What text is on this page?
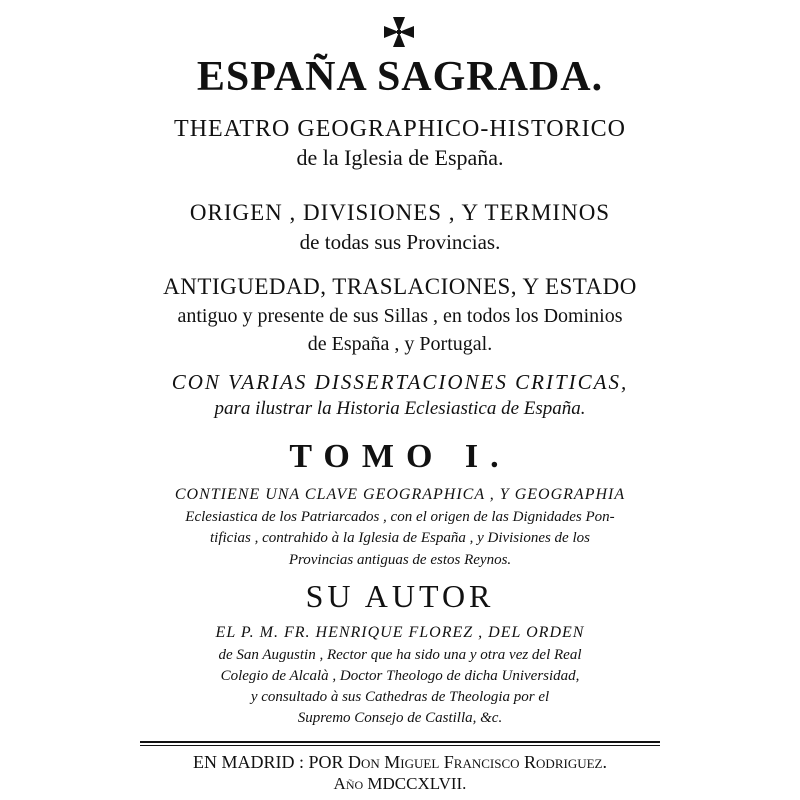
ESPAÑA SAGRADA.
THEATRO GEOGRAPHICO-HISTORICO
de la Iglesia de España.
ORIGEN , DIVISIONES , Y TERMINOS
de todas sus Provincias.
ANTIGUEDAD, TRASLACIONES, Y ESTADO
antiguo y presente de sus Sillas , en todos los Dominios
de España , y Portugal.
CON VARIAS DISSERTACIONES CRITICAS,
para ilustrar la Historia Eclesiastica de España.
TOMO I.
CONTIENE UNA CLAVE GEOGRAPHICA , Y GEOGRAPHIA
Eclesiastica de los Patriarcados , con el origen de las Dignidades Pon-
tificias , contrahido à la Iglesia de España , y Divisiones de los
Provincias antiguas de estos Reynos.
SU AUTOR
EL P. M. FR. HENRIQUE FLOREZ , DEL ORDEN
de San Augustin , Rector que ha sido una y otra vez del Real
Colegio de Alcalà , Doctor Theologo de dicha Universidad,
y consultado à sus Cathedras de Theologia por el
Supremo Consejo de Castilla, &c.
EN MADRID : POR Don Miguel Francisco Rodriguez.
Año MDCCXLVII.
